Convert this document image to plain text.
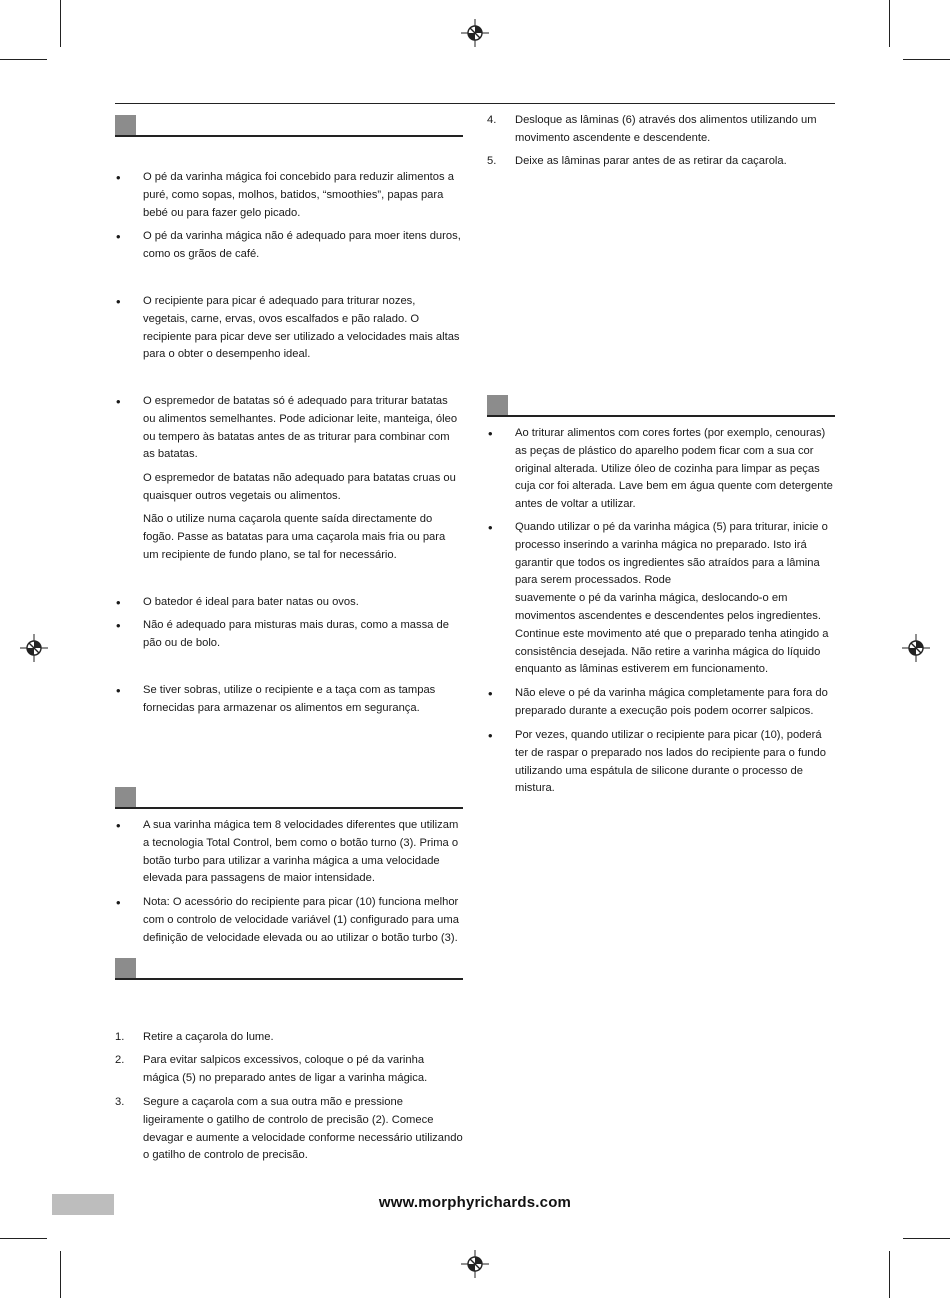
• O pé da varinha mágica foi concebido para reduzir alimentos a puré, como sopas, molhos, batidos, “smoothies”, papas para bebé ou para fazer gelo picado.
• O pé da varinha mágica não é adequado para moer itens duros, como os grãos de café.
• O recipiente para picar é adequado para triturar nozes, vegetais, carne, ervas, ovos escalfados e pão ralado. O recipiente para picar deve ser utilizado a velocidades mais altas para o obter o desempenho ideal.
• O espremedor de batatas só é adequado para triturar batatas ou alimentos semelhantes. Pode adicionar leite, manteiga, óleo ou tempero às batatas antes de as triturar para combinar com as batatas.
O espremedor de batatas não adequado para batatas cruas ou quaisquer outros vegetais ou alimentos.
Não o utilize numa caçarola quente saída directamente do fogão. Passe as batatas para uma caçarola mais fria ou para um recipiente de fundo plano, se tal for necessário.
• O batedor é ideal para bater natas ou ovos.
• Não é adequado para misturas mais duras, como a massa de pão ou de bolo.
• Se tiver sobras, utilize o recipiente e a taça com as tampas fornecidas para armazenar os alimentos em segurança.
• A sua varinha mágica tem 8 velocidades diferentes que utilizam a tecnologia Total Control, bem como o botão turno (3). Prima o botão turbo para utilizar a varinha mágica a uma velocidade elevada para passagens de maior intensidade.
• Nota: O acessório do recipiente para picar (10) funciona melhor com o controlo de velocidade variável (1) configurado para uma definição de velocidade elevada ou ao utilizar o botão turbo (3).
1. Retire a caçarola do lume.
2. Para evitar salpicos excessivos, coloque o pé da varinha mágica (5) no preparado antes de ligar a varinha mágica.
3. Segure a caçarola com a sua outra mão e pressione ligeiramente o gatilho de controlo de precisão (2). Comece devagar e aumente a velocidade conforme necessário utilizando o gatilho de controlo de precisão.
4. Desloque as lâminas (6) através dos alimentos utilizando um movimento ascendente e descendente.
5. Deixe as lâminas parar antes de as retirar da caçarola.
• Ao triturar alimentos com cores fortes (por exemplo, cenouras) as peças de plástico do aparelho podem ficar com a sua cor original alterada. Utilize óleo de cozinha para limpar as peças cuja cor foi alterada. Lave bem em água quente com detergente antes de voltar a utilizar.
• Quando utilizar o pé da varinha mágica (5) para triturar, inicie o processo inserindo a varinha mágica no preparado. Isto irá garantir que todos os ingredientes são atraídos para a lâmina para serem processados. Rode
suavemente o pé da varinha mágica, deslocando-o em movimentos ascendentes e descendentes pelos ingredientes. Continue este movimento até que o preparado tenha atingido a consistência desejada. Não retire a varinha mágica do líquido enquanto as lâminas estiverem em funcionamento.
• Não eleve o pé da varinha mágica completamente para fora do preparado durante a execução pois podem ocorrer salpicos.
• Por vezes, quando utilizar o recipiente para picar (10), poderá ter de raspar o preparado nos lados do recipiente para o fundo utilizando uma espátula de silicone durante o processo de mistura.
www.morphyrichards.com
